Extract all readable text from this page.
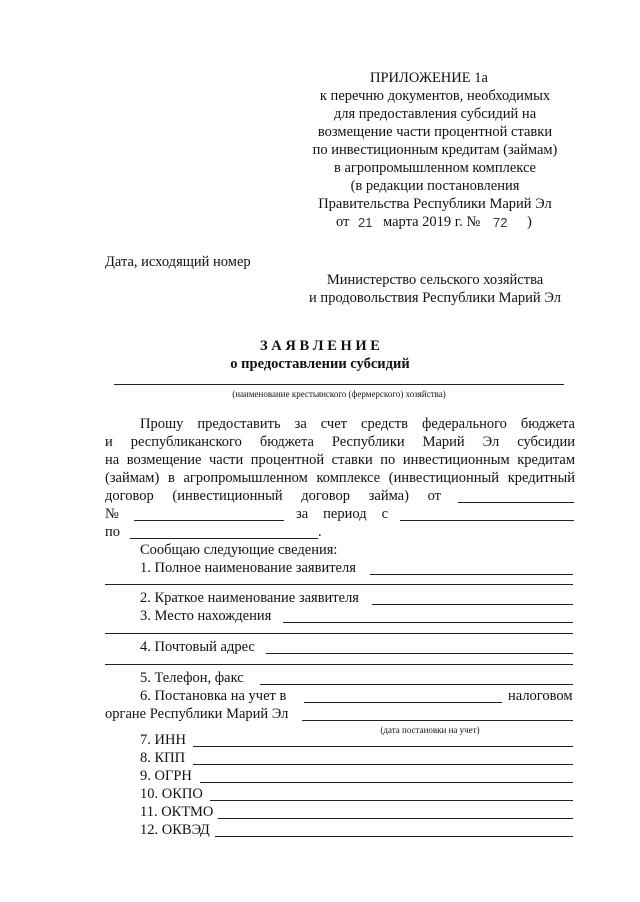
ПРИЛОЖЕНИЕ 1а
к перечню документов, необходимых
для предоставления субсидий на
возмещение части процентной ставки
по инвестиционным кредитам (займам)
в агропромышленном комплексе
(в редакции постановления
Правительства Республики Марий Эл
от 21 марта 2019 г. № 72 )
Дата, исходящий номер
Министерство сельского хозяйства
и продовольствия Республики Марий Эл
З А Я В Л Е Н И Е
о предоставлении субсидий
(наименование крестьянского (фермерского) хозяйства)
Прошу предоставить за счет средств федерального бюджета
и республиканского бюджета Республики Марий Эл субсидии
на возмещение части процентной ставки по инвестиционным кредитам
(займам) в агропромышленном комплексе (инвестиционный кредитный
договор (инвестиционный договор займа) от
№	за период с
по	.
Сообщаю следующие сведения:
1. Полное наименование заявителя
2. Краткое наименование заявителя
3. Место нахождения
4. Почтовый адрес
5. Телефон, факс
6. Постановка на учет в	налоговом
органе Республики Марий Эл
(дата постановки на учет)
7. ИНН
8. КПП
9. ОГРН
10. ОКПО
11. ОКТМО
12. ОКВЭД
